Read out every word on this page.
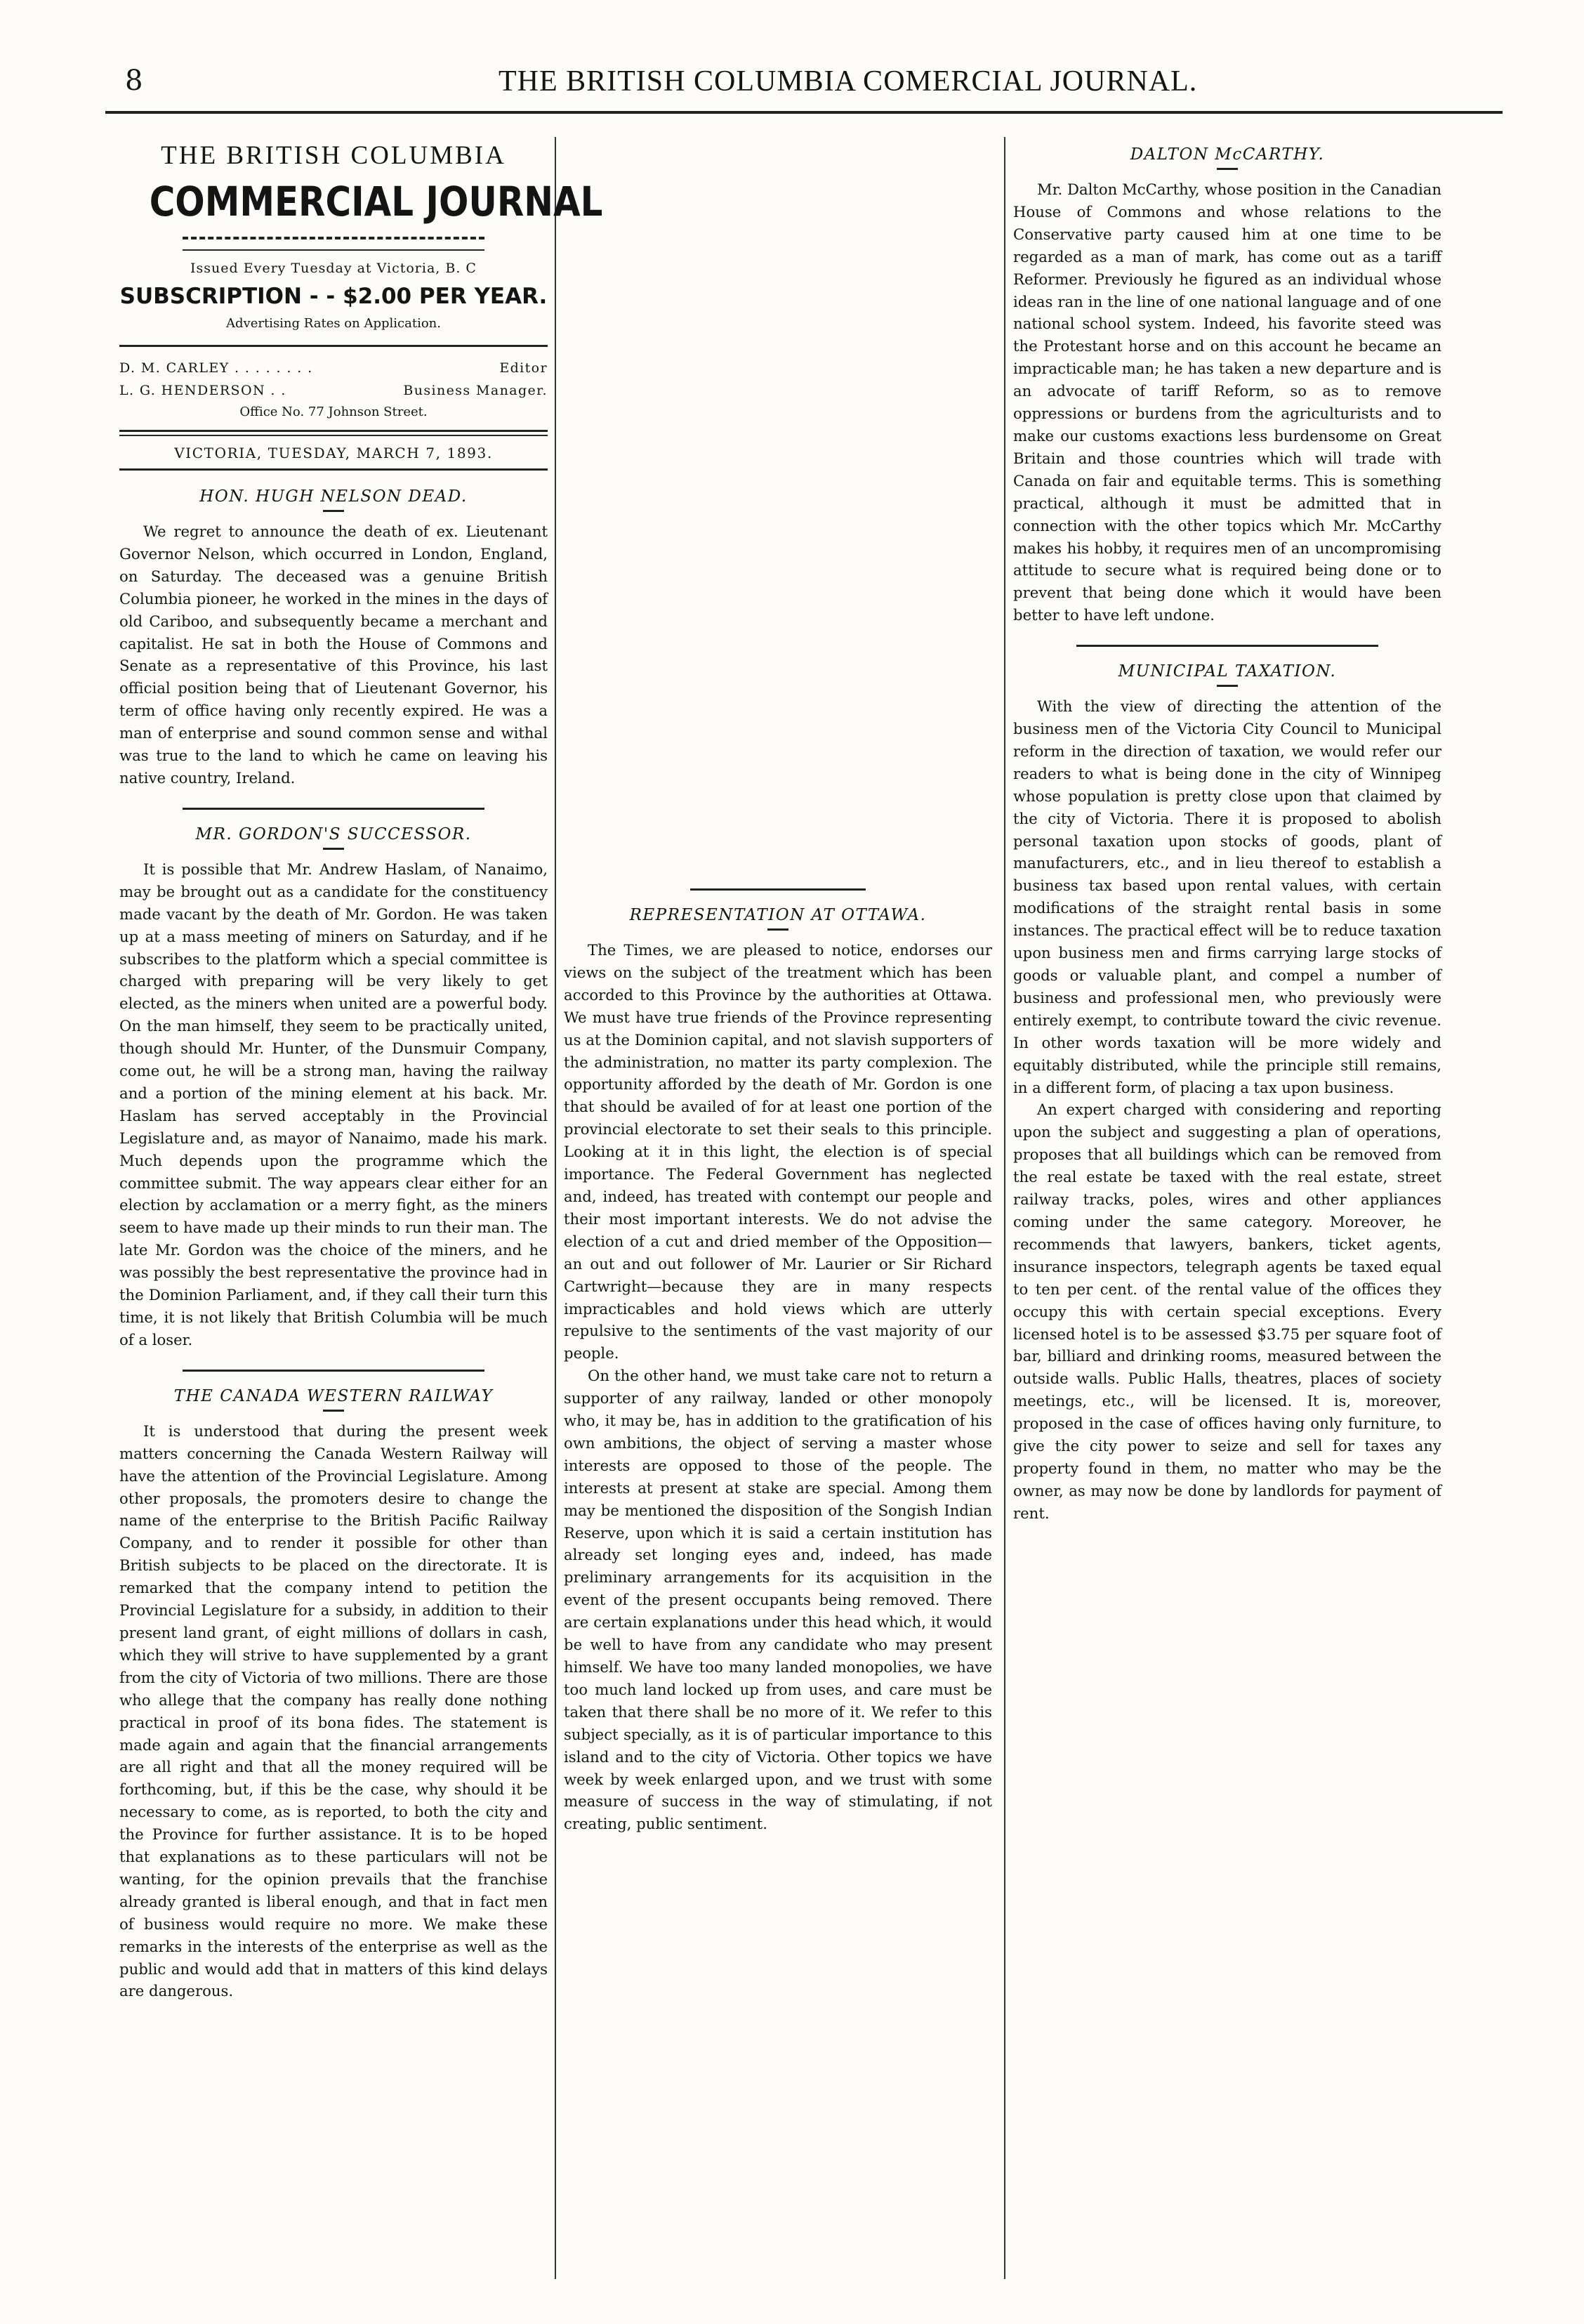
8	THE BRITISH COLUMBIA COMERCIAL JOURNAL.
THE BRITISH COLUMBIA
COMMERCIAL JOURNAL
Issued Every Tuesday at Victoria, B. C
SUBSCRIPTION - - $2.00 PER YEAR.
Advertising Rates on Application.
D. M. CARLEY . . . . . . . .	Editor
L. G. HENDERSON . .	Business Manager.
Office No. 77 Johnson Street.
VICTORIA, TUESDAY, MARCH 7, 1893.
HON. HUGH NELSON DEAD.

We regret to announce the death of ex. Lieutenant Governor Nelson, which occurred in London, England, on Saturday. The deceased was a genuine British Columbia pioneer, he worked in the mines in the days of old Cariboo, and subsequently became a merchant and capitalist. He sat in both the House of Commons and Senate as a representative of this Province, his last official position being that of Lieutenant Governor, his term of office having only recently expired. He was a man of enterprise and sound common sense and withal was true to the land to which he came on leaving his native country, Ireland.

MR. GORDON'S SUCCESSOR.

It is possible that Mr. Andrew Haslam, of Nanaimo, may be brought out as a candidate for the constituency made vacant by the death of Mr. Gordon. He was taken up at a mass meeting of miners on Saturday, and if he subscribes to the platform which a special committee is charged with preparing will be very likely to get elected, as the miners when united are a powerful body. On the man himself, they seem to be practically united, though should Mr. Hunter, of the Dunsmuir Company, come out, he will be a strong man, having the railway and a portion of the mining element at his back. Mr. Haslam has served acceptably in the Provincial Legislature and, as mayor of Nanaimo, made his mark. Much depends upon the programme which the committee submit. The way appears clear either for an election by acclamation or a merry fight, as the miners seem to have made up their minds to run their man. The late Mr. Gordon was the choice of the miners, and he was possibly the best representative the province had in the Dominion Parliament, and, if they call their turn this time, it is not likely that British Columbia will be much of a loser.

THE CANADA WESTERN RAILWAY

It is understood that during the present week matters concerning the Canada Western Railway will have the attention of the Provincial Legislature. Among other proposals, the promoters desire to change the name of the enterprise to the British Pacific Railway Company, and to render it possible for other than British subjects to be placed on the directorate. It is remarked that the company intend to petition the Provincial Legislature for a subsidy, in addition to their present land grant, of eight millions of dollars in cash, which they will strive to have supplemented by a grant from the city of Victoria of two millions. There are those who allege that the company has really done nothing practical in proof of its bona fides. The statement is made again and again that the financial arrangements are all right and that all the money required will be forthcoming, but, if this be the case, why should it be necessary to come, as is reported, to both the city and the Province for further assistance. It is to be hoped that explanations as to these particulars will not be wanting, for the opinion prevails that the franchise already granted is liberal enough, and that in fact men of business would require no more. We make these remarks in the interests of the enterprise as well as the public and would add that in matters of this kind delays are dangerous.

REPRESENTATION AT OTTAWA.

The Times, we are pleased to notice, endorses our views on the subject of the treatment which has been accorded to this Province by the authorities at Ottawa. We must have true friends of the Province representing us at the Dominion capital, and not slavish supporters of the administration, no matter its party complexion. The opportunity afforded by the death of Mr. Gordon is one that should be availed of for at least one portion of the provincial electorate to set their seals to this principle. Looking at it in this light, the election is of special importance. The Federal Government has neglected and, indeed, has treated with contempt our people and their most important interests. We do not advise the election of a cut and dried member of the Opposition—an out and out follower of Mr. Laurier or Sir Richard Cartwright—because they are in many respects impracticables and hold views which are utterly repulsive to the sentiments of the vast majority of our people.

On the other hand, we must take care not to return a supporter of any railway, landed or other monopoly who, it may be, has in addition to the gratification of his own ambitions, the object of serving a master whose interests are opposed to those of the people. The interests at present at stake are special. Among them may be mentioned the disposition of the Songish Indian Reserve, upon which it is said a certain institution has already set longing eyes and, indeed, has made preliminary arrangements for its acquisition in the event of the present occupants being removed. There are certain explanations under this head which, it would be well to have from any candidate who may present himself. We have too many landed monopolies, we have too much land locked up from uses, and care must be taken that there shall be no more of it. We refer to this subject specially, as it is of particular importance to this island and to the city of Victoria. Other topics we have week by week enlarged upon, and we trust with some measure of success in the way of stimulating, if not creating, public sentiment.

DALTON McCARTHY.

Mr. Dalton McCarthy, whose position in the Canadian House of Commons and whose relations to the Conservative party caused him at one time to be regarded as a man of mark, has come out as a tariff Reformer. Previously he figured as an individual whose ideas ran in the line of one national language and of one national school system. Indeed, his favorite steed was the Protestant horse and on this account he became an impracticable man; he has taken a new departure and is an advocate of tariff Reform, so as to remove oppressions or burdens from the agriculturists and to make our customs exactions less burdensome on Great Britain and those countries which will trade with Canada on fair and equitable terms. This is something practical, although it must be admitted that in connection with the other topics which Mr. McCarthy makes his hobby, it requires men of an uncompromising attitude to secure what is required being done or to prevent that being done which it would have been better to have left undone.

MUNICIPAL TAXATION.

With the view of directing the attention of the business men of the Victoria City Council to Municipal reform in the direction of taxation, we would refer our readers to what is being done in the city of Winnipeg whose population is pretty close upon that claimed by the city of Victoria. There it is proposed to abolish personal taxation upon stocks of goods, plant of manufacturers, etc., and in lieu thereof to establish a business tax based upon rental values, with certain modifications of the straight rental basis in some instances. The practical effect will be to reduce taxation upon business men and firms carrying large stocks of goods or valuable plant, and compel a number of business and professional men, who previously were entirely exempt, to contribute toward the civic revenue. In other words taxation will be more widely and equitably distributed, while the principle still remains, in a different form, of placing a tax upon business.

An expert charged with considering and reporting upon the subject and suggesting a plan of operations, proposes that all buildings which can be removed from the real estate be taxed with the real estate, street railway tracks, poles, wires and other appliances coming under the same category. Moreover, he recommends that lawyers, bankers, ticket agents, insurance inspectors, telegraph agents be taxed equal to ten per cent. of the rental value of the offices they occupy this with certain special exceptions. Every licensed hotel is to be assessed $3.75 per square foot of bar, billiard and drinking rooms, measured between the outside walls. Public Halls, theatres, places of society meetings, etc., will be licensed. It is, moreover, proposed in the case of offices having only furniture, to give the city power to seize and sell for taxes any property found in them, no matter who may be the owner, as may now be done by landlords for payment of rent.
